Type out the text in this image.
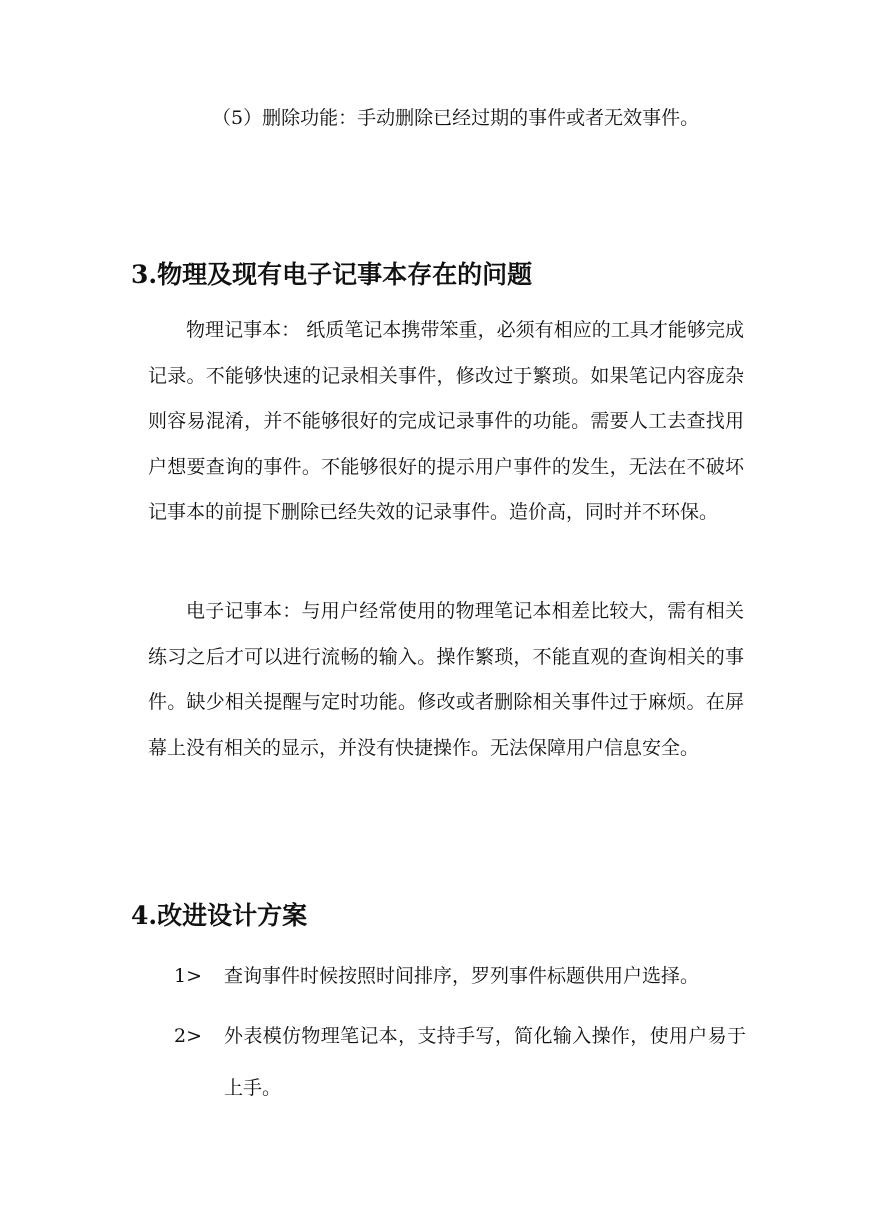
（5）删除功能：手动删除已经过期的事件或者无效事件。
3.物理及现有电子记事本存在的问题

物理记事本： 纸质笔记本携带笨重，必须有相应的工具才能够完成记录。不能够快速的记录相关事件，修改过于繁琐。如果笔记内容庞杂则容易混淆，并不能够很好的完成记录事件的功能。需要人工去查找用户想要查询的事件。不能够很好的提示用户事件的发生，无法在不破坏记事本的前提下删除已经失效的记录事件。造价高，同时并不环保。

电子记事本：与用户经常使用的物理笔记本相差比较大，需有相关练习之后才可以进行流畅的输入。操作繁琐，不能直观的查询相关的事件。缺少相关提醒与定时功能。修改或者删除相关事件过于麻烦。在屏幕上没有相关的显示，并没有快捷操作。无法保障用户信息安全。

4.改进设计方案
1> 查询事件时候按照时间排序，罗列事件标题供用户选择。
2> 外表模仿物理笔记本，支持手写，简化输入操作，使用户易于上手。
